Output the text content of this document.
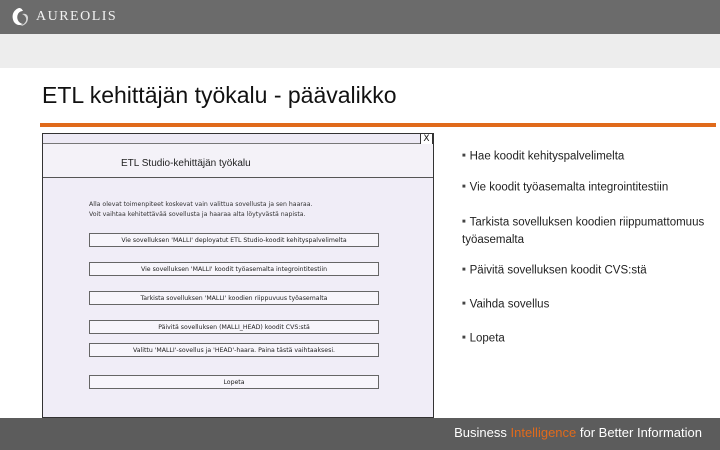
AUREOLIS
ETL kehittäjän työkalu - päävalikko
X
ETL Studio-kehittäjän työkalu
Alla olevat toimenpiteet koskevat vain valittua sovellusta ja sen haaraa.
Voit vaihtaa kehitettävää sovellusta ja haaraa alta löytyvästä napista.
Vie sovelluksen 'MALLI' deployatut ETL Studio-koodit kehityspalvelimelta
Vie sovelluksen 'MALLI' koodit työasemalta integrointitestiin
Tarkista sovelluksen 'MALLI' koodien riippuvuus työasemalta
Päivitä sovelluksen (MALLI_HEAD) koodit CVS:stä
Valittu 'MALLI'-sovellus ja 'HEAD'-haara. Paina tästä vaihtaaksesi.
Lopeta
■ Hae koodit kehityspalvelimelta
■ Vie koodit työasemalta integrointitestiin
■ Tarkista sovelluksen koodien riippumattomuus työasemalta
■ Päivitä sovelluksen koodit CVS:stä
■ Vaihda sovellus
■ Lopeta
Business Intelligence for Better Information
